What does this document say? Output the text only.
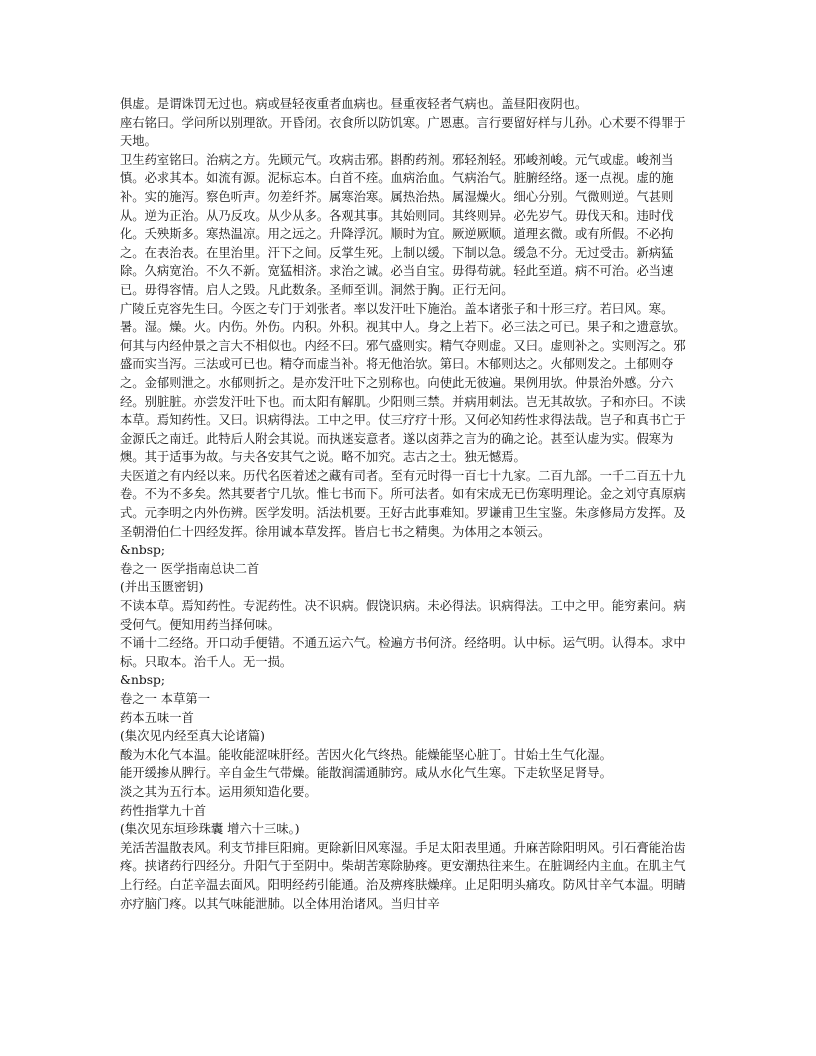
俱虚。是谓诛罚无过也。病或昼轻夜重者血病也。昼重夜轻者气病也。盖昼阳夜阴也。

座右铭曰。学问所以别理欲。开昏闭。衣食所以防饥寒。广恩惠。言行要留好样与儿孙。心术要不得罪于天地。

卫生药室铭曰。治病之方。先顾元气。攻病击邪。斟酌药剂。邪轻剂轻。邪峻剂峻。元气或虚。峻剂当慎。必求其本。如流有源。泥标忘本。白首不痊。血病治血。气病治气。脏腑经络。逐一点视。虚的施补。实的施泻。察色听声。勿差纤芥。属寒治寒。属热治热。属湿燥火。细心分别。气微则逆。气甚则从。逆为正治。从乃反攻。从少从多。各观其事。其始则同。其终则异。必先岁气。毋伐天和。违时伐化。夭殃斯多。寒热温凉。用之远之。升降浮沉。顺时为宜。厥逆厥顺。道理玄微。或有所假。不必拘之。在表治表。在里治里。汗下之间。反掌生死。上制以缓。下制以急。缓急不分。无过受击。新病猛除。久病宽治。不久不新。宽猛相济。求治之诚。必当自宝。毋得苟就。轻此至道。病不可治。必当速已。毋得容情。启人之毁。凡此数条。圣师至训。洞然于胸。正行无问。

广陵丘克容先生曰。今医之专门于刘张者。率以发汗吐下施治。盖本诸张子和十形三疗。若曰风。寒。暑。湿。燥。火。内伤。外伤。内积。外积。视其中人。身之上若下。必三法之可已。果子和之遗意欤。何其与内经仲景之言大不相似也。内经不曰。邪气盛则实。精气夺则虚。又曰。虚则补之。实则泻之。邪盛而实当泻。三法或可已也。精夺而虚当补。将无他治欤。第曰。木郁则达之。火郁则发之。土郁则夺之。金郁则泄之。水郁则折之。是亦发汗吐下之别称也。向使此无彼遍。果例用欤。仲景治外感。分六经。别脏脏。亦尝发汗吐下也。而太阳有解肌。少阳则三禁。并病用刺法。岂无其故欤。子和亦曰。不读本草。焉知药性。又曰。识病得法。工中之甲。仗三疗疗十形。又何必知药性求得法哉。岂子和真书亡于金源氏之南迁。此特后人附会其说。而执迷妄意者。遂以卤莽之言为的确之论。甚至认虚为实。假寒为燠。其于适事为故。与夫各安其气之说。略不加究。志古之士。独无憾焉。

夫医道之有内经以来。历代名医着述之藏有司者。至有元时得一百七十九家。二百九部。一千二百五十九卷。不为不多矣。然其要者宁几欤。惟七书而下。所可法者。如有宋成无已伤寒明理论。金之刘守真原病式。元李明之内外伤辨。医学发明。活法机要。王好古此事难知。罗谦甫卫生宝鉴。朱彦修局方发挥。及圣朝滑伯仁十四经发挥。徐用诚本草发挥。皆启七书之精奥。为体用之本领云。

&nbsp;

卷之一 医学指南总诀二首

(并出玉匮密钥)

不读本草。焉知药性。专泥药性。决不识病。假饶识病。未必得法。识病得法。工中之甲。能穷素问。病受何气。便知用药当择何味。

不诵十二经络。开口动手便错。不通五运六气。检遍方书何济。经络明。认中标。运气明。认得本。求中标。只取本。治千人。无一损。

&nbsp;

卷之一 本草第一

药本五味一首

(集次见内经至真大论诸篇)

酸为木化气本温。能收能涩味肝经。苦因火化气终热。能燥能坚心脏丁。甘始土生气化湿。

能开缓掺从脾行。辛自金生气带燥。能散润濡通肺窍。咸从水化气生寒。下走软坚足肾导。

淡之其为五行本。运用须知造化要。

药性指掌九十首

(集次见东垣珍珠囊 增六十三味。)

羌活苦温散表风。利支节排巨阳痈。更除新旧风寒湿。手足太阳表里通。升麻苦除阳明风。引石膏能治齿疼。挟诸药行四经分。升阳气于至阴中。柴胡苦寒除胁疼。更安潮热往来生。在脏调经内主血。在肌主气上行经。白芷辛温去面风。阳明经药引能通。治及痹疼肤燥痒。止足阳明头痛攻。防风甘辛气本温。明睛亦疗脑门疼。以其气味能泄肺。以全体用治诸风。当归甘辛
